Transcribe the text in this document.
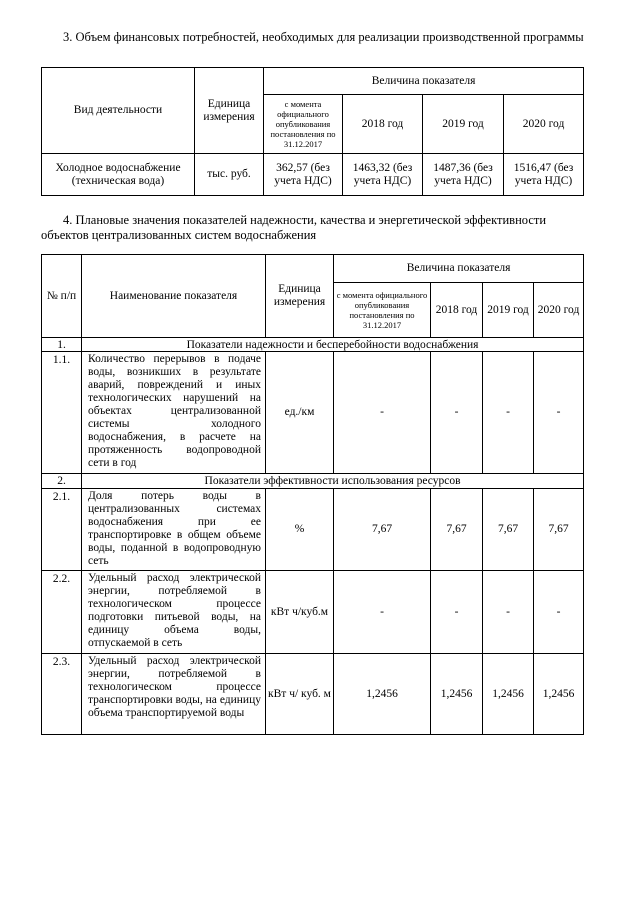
3. Объем финансовых потребностей, необходимых для реализации производственной программы
Вид деятельности	Единица измерения	Величина показателя			
		с момента официального опубликования постановления по 31.12.2017	2018 год	2019 год	2020 год
Холодное водоснабжение (техническая вода)	тыс. руб.	362,57 (без учета НДС)	1463,32 (без учета НДС)	1487,36 (без учета НДС)	1516,47 (без учета НДС)
4. Плановые значения показателей надежности, качества и энергетической эффективности объектов централизованных систем водоснабжения
№ п/п	Наименование показателя	Единица измерения	Величина показателя			
			с момента официального опубликования постановления по 31.12.2017	2018 год	2019 год	2020 год
1.	Показатели надежности и бесперебойности водоснабжения					
1.1.	Количество перерывов в подаче воды, возникших в результате аварий, повреждений и иных технологических нарушений на объектах централизованной системы холодного водоснабжения, в расчете на протяженность водопроводной сети в год	ед./км	-	-	-	-
2.	Показатели эффективности использования ресурсов					
2.1.	Доля потерь воды в централизованных системах водоснабжения при ее транспортировке в общем объеме воды, поданной в водопроводную сеть	%	7,67	7,67	7,67	7,67
2.2.	Удельный расход электрической энергии, потребляемой в технологическом процессе подготовки питьевой воды, на единицу объема воды, отпускаемой в сеть	кВт ч/куб.м	-	-	-	-
2.3.	Удельный расход электрической энергии, потребляемой в технологическом процессе транспортировки воды, на единицу объема транспортируемой воды	кВт ч/ куб. м	1,2456	1,2456	1,2456	1,2456
